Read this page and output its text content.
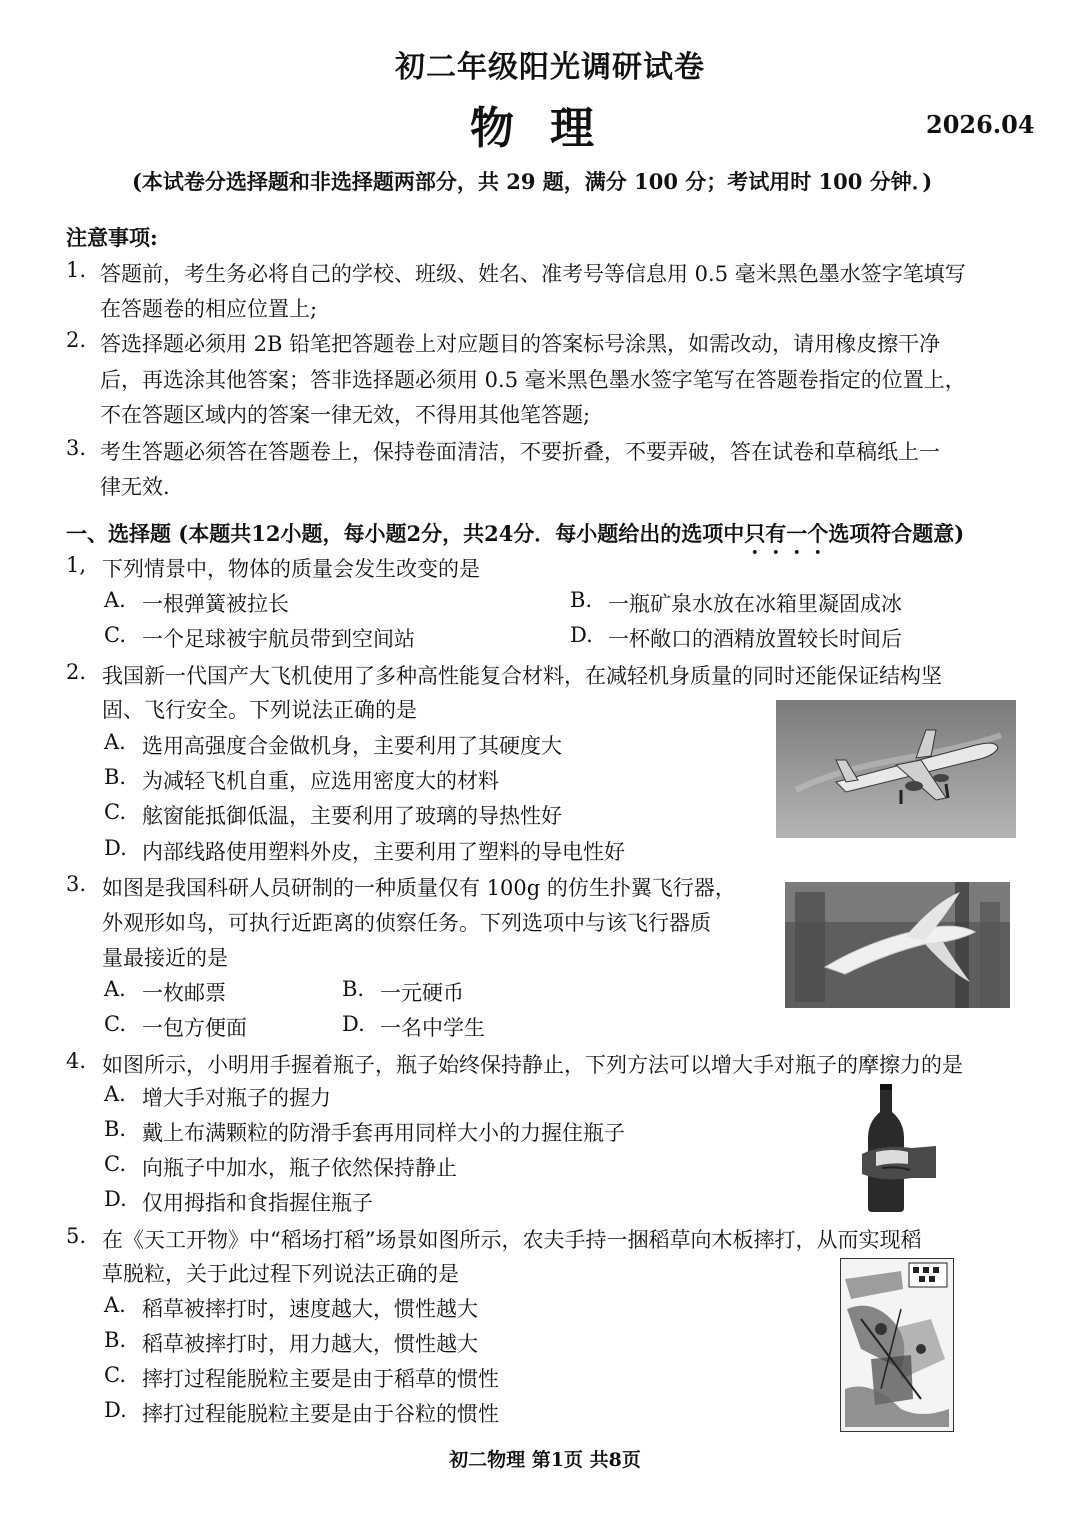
初二年级阳光调研试卷
物理	2026.04
(本试卷分选择题和非选择题两部分，共 29 题，满分 100 分；考试用时 100 分钟．)
注意事项:
1. 答题前，考生务必将自己的学校、班级、姓名、准考号等信息用 0.5 毫米黑色墨水签字笔填写
在答题卷的相应位置上;
2. 答选择题必须用 2B 铅笔把答题卷上对应题目的答案标号涂黑，如需改动，请用橡皮擦干净
后，再选涂其他答案；答非选择题必须用 0.5 毫米黑色墨水签字笔写在答题卷指定的位置上，
不在答题区域内的答案一律无效，不得用其他笔答题;
3. 考生答题必须答在答题卷上，保持卷面清洁，不要折叠，不要弄破，答在试卷和草稿纸上一
律无效.
一、选择题 (本题共12小题，每小题2分，共24分．每小题给出的选项中只有一个选项符合题意)
1, 下列情景中，物体的质量会发生改变的是
A. 一根弹簧被拉长	B. 一瓶矿泉水放在冰箱里凝固成冰
C. 一个足球被宇航员带到空间站	D. 一杯敞口的酒精放置较长时间后
2. 我国新一代国产大飞机使用了多种高性能复合材料，在减轻机身质量的同时还能保证结构坚
固、飞行安全。下列说法正确的是
A. 选用高强度合金做机身，主要利用了其硬度大
B. 为减轻飞机自重，应选用密度大的材料
C. 舷窗能抵御低温，主要利用了玻璃的导热性好
D. 内部线路使用塑料外皮，主要利用了塑料的导电性好
3. 如图是我国科研人员研制的一种质量仅有 100g 的仿生扑翼飞行器，
外观形如鸟，可执行近距离的侦察任务。下列选项中与该飞行器质
量最接近的是
A. 一枚邮票	B. 一元硬币
C. 一包方便面	D. 一名中学生
4. 如图所示，小明用手握着瓶子，瓶子始终保持静止，下列方法可以增大手对瓶子的摩擦力的是
A. 增大手对瓶子的握力
B. 戴上布满颗粒的防滑手套再用同样大小的力握住瓶子
C. 向瓶子中加水，瓶子依然保持静止
D. 仅用拇指和食指握住瓶子
5. 在《天工开物》中“稻场打稻”场景如图所示，农夫手持一捆稻草向木板摔打，从而实现稻
草脱粒，关于此过程下列说法正确的是
A. 稻草被摔打时，速度越大，惯性越大
B. 稻草被摔打时，用力越大，惯性越大
C. 摔打过程能脱粒主要是由于稻草的惯性
D. 摔打过程能脱粒主要是由于谷粒的惯性
初二物理 第1页 共8页
